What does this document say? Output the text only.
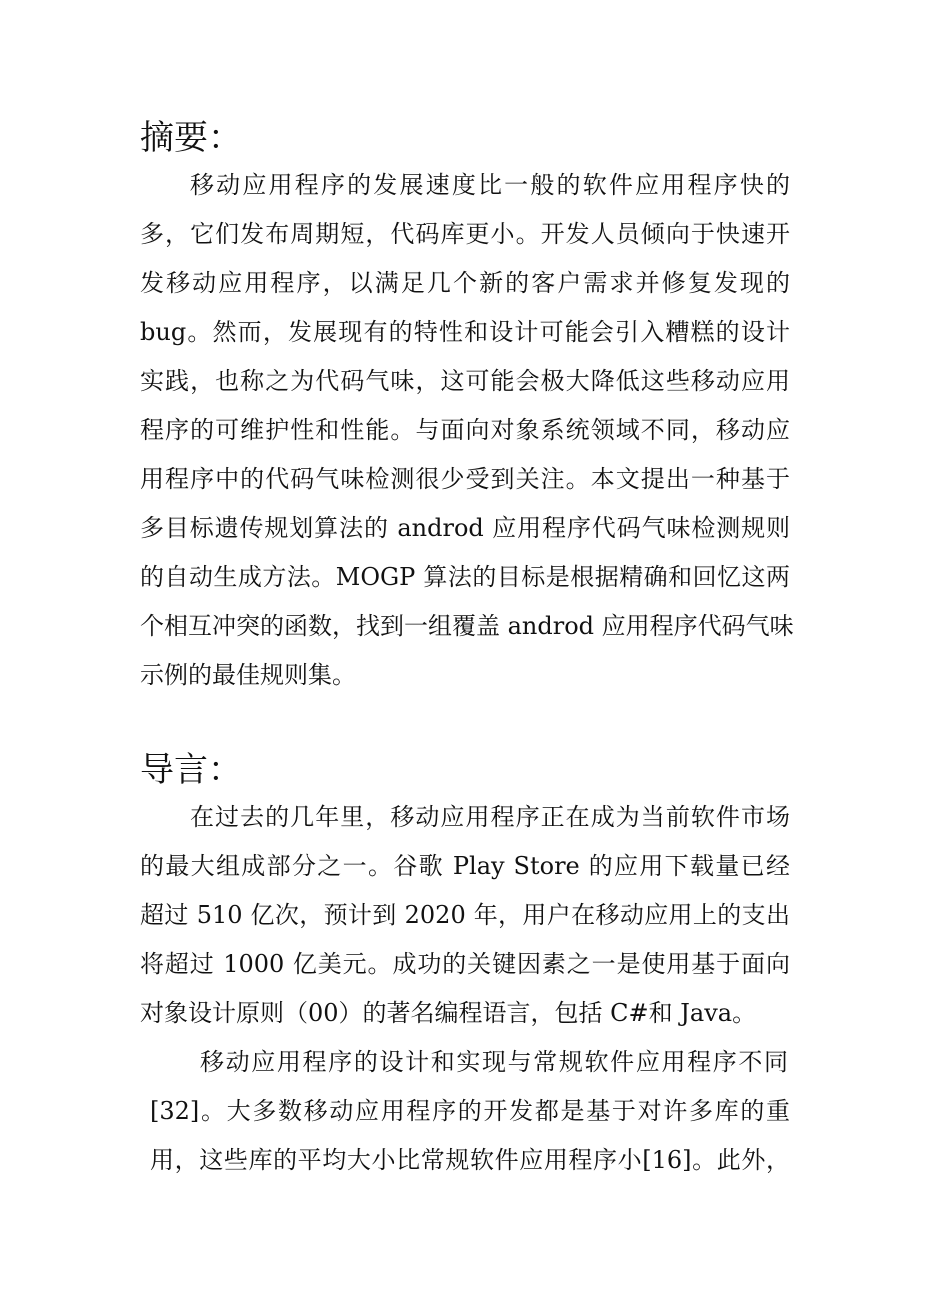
摘要：

移动应用程序的发展速度比一般的软件应用程序快的

多，它们发布周期短，代码库更小。开发人员倾向于快速开

发移动应用程序，以满足几个新的客户需求并修复发现的

bug。然而，发展现有的特性和设计可能会引入糟糕的设计

实践，也称之为代码气味，这可能会极大降低这些移动应用

程序的可维护性和性能。与面向对象系统领域不同，移动应

用程序中的代码气味检测很少受到关注。本文提出一种基于

多目标遗传规划算法的 androd 应用程序代码气味检测规则

的自动生成方法。MOGP 算法的目标是根据精确和回忆这两

个相互冲突的函数，找到一组覆盖 androd 应用程序代码气味

示例的最佳规则集。

导言：

在过去的几年里，移动应用程序正在成为当前软件市场

的最大组成部分之一。谷歌 Play Store 的应用下载量已经

超过 510 亿次，预计到 2020 年，用户在移动应用上的支出

将超过 1000 亿美元。成功的关键因素之一是使用基于面向

对象设计原则（00）的著名编程语言，包括 C#和 Java。

移动应用程序的设计和实现与常规软件应用程序不同

[32]。大多数移动应用程序的开发都是基于对许多库的重

用，这些库的平均大小比常规软件应用程序小[16]。此外，
